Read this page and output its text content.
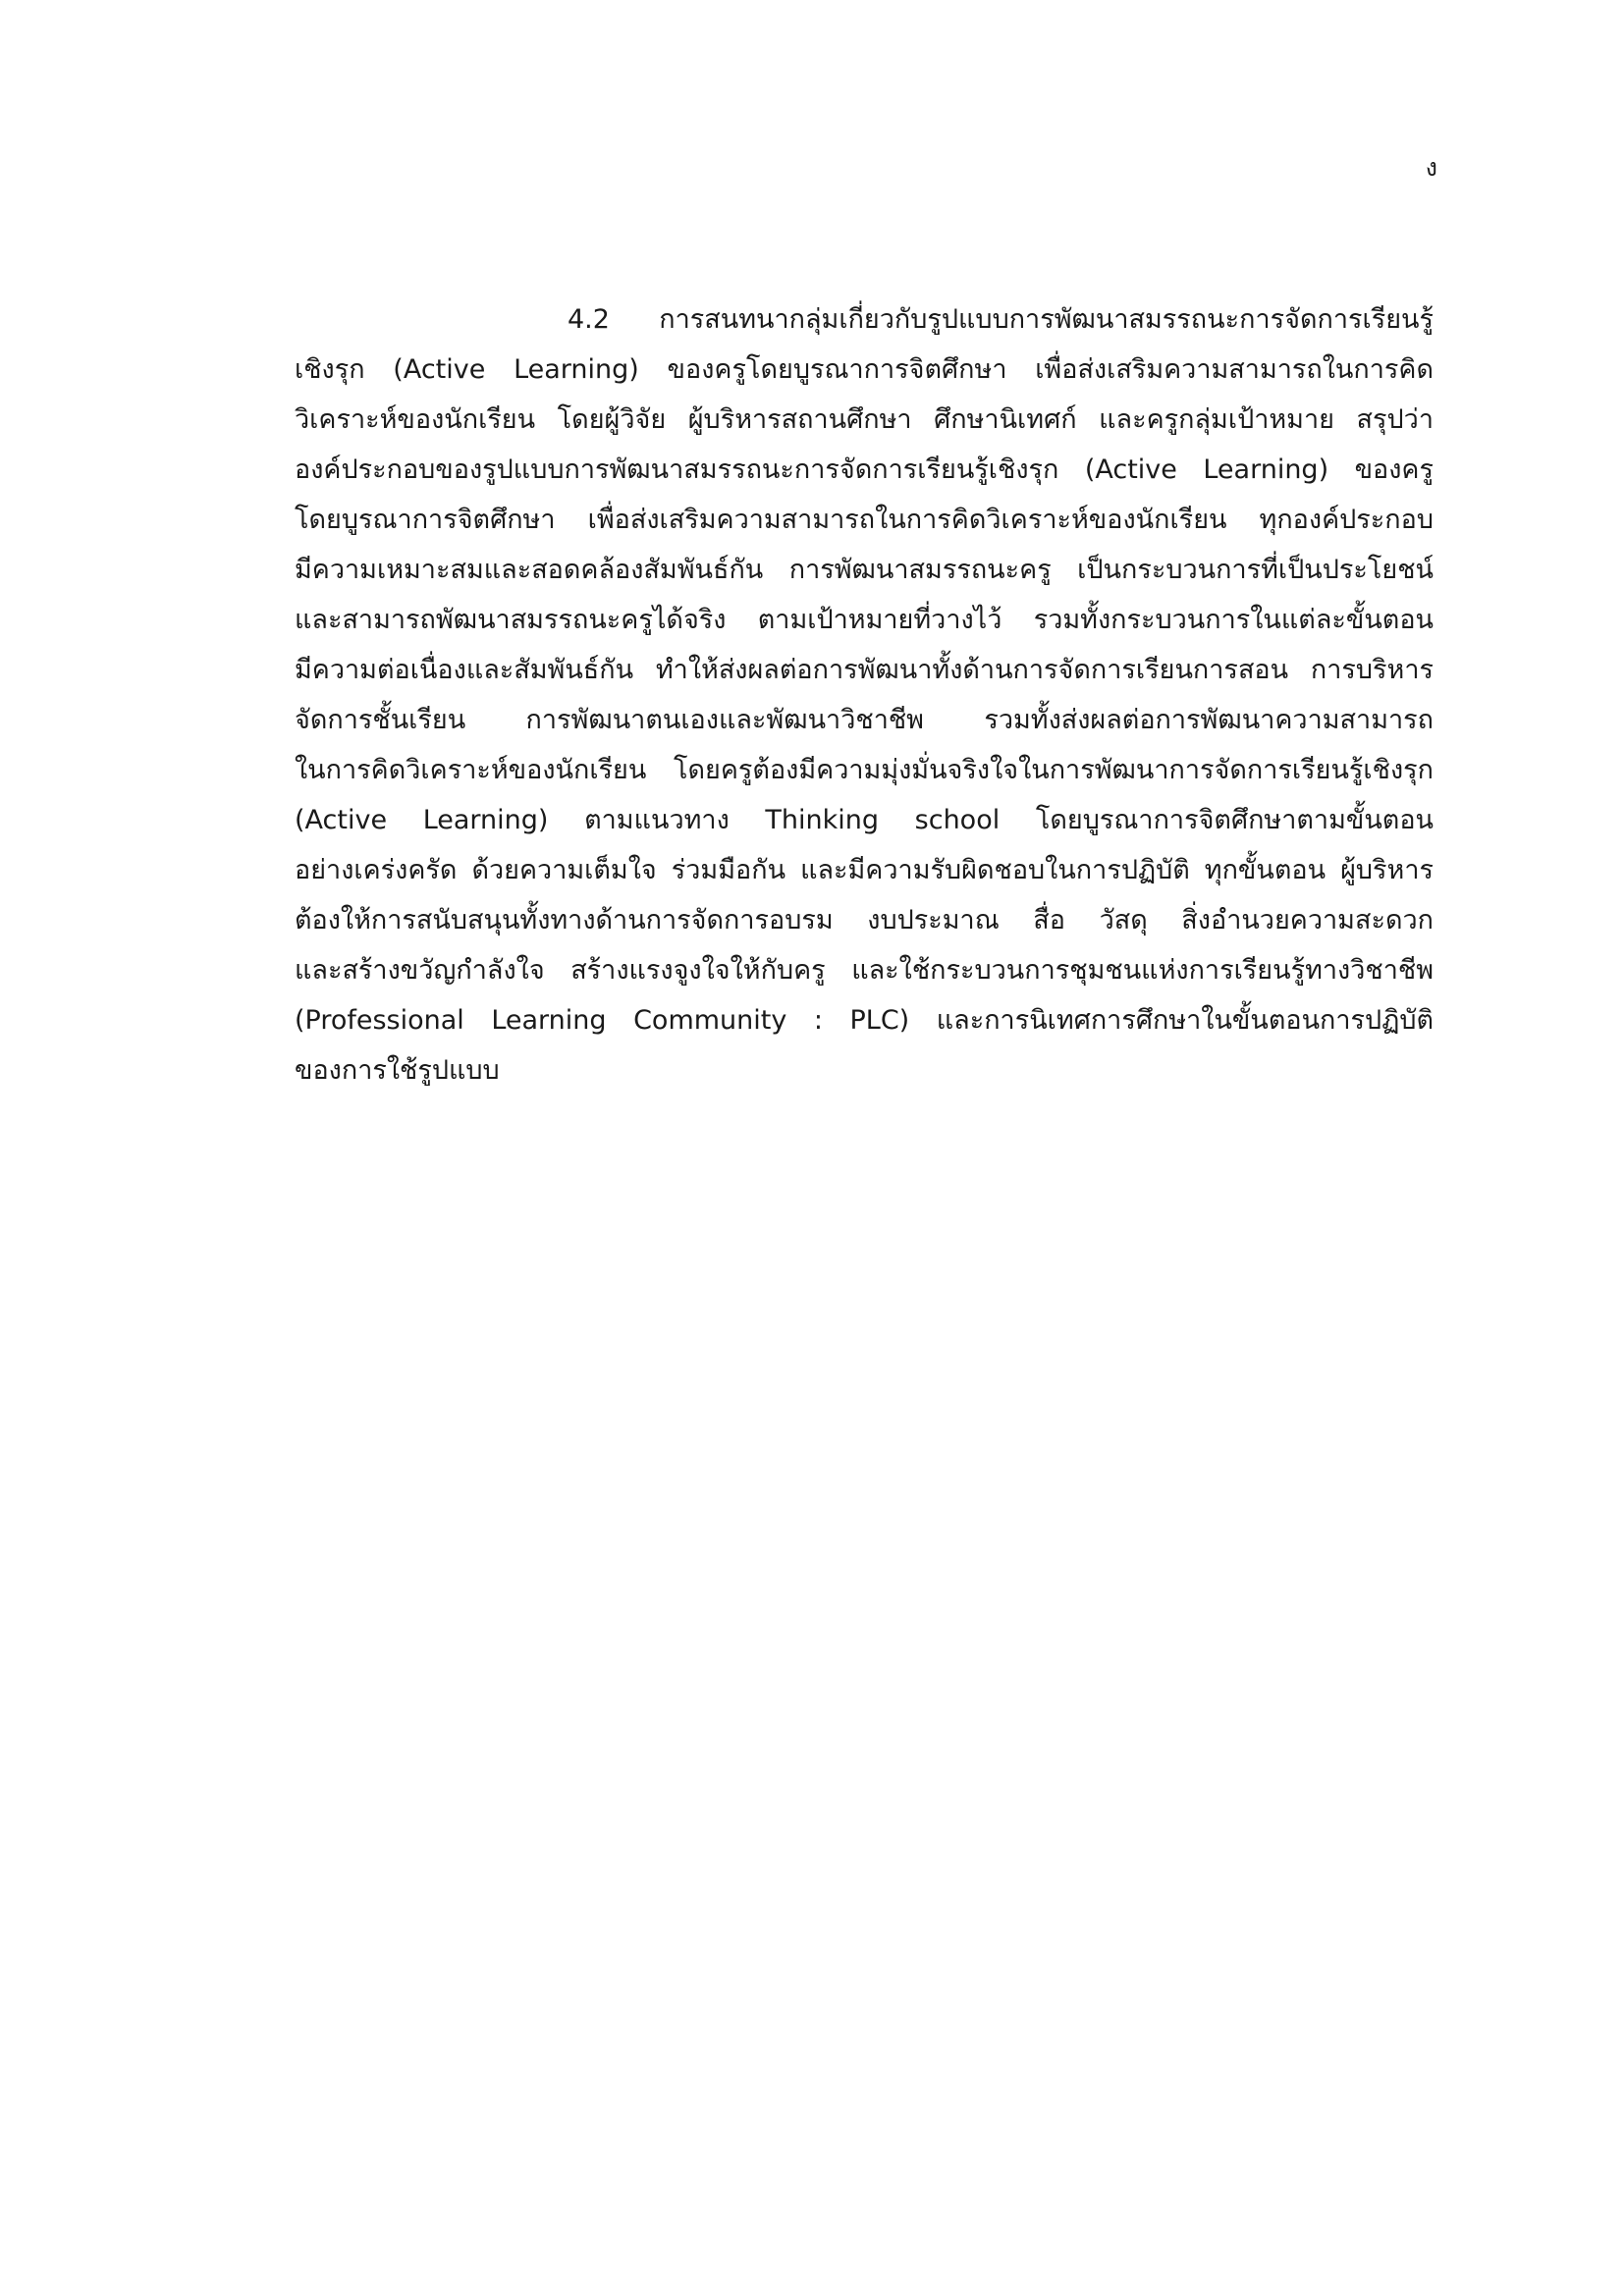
ง
4.2 การสนทนากลุ่มเกี่ยวกับรูปแบบการพัฒนาสมรรถนะการจัดการเรียนรู้
เชิงรุก (Active Learning) ของครูโดยบูรณาการจิตศึกษา เพื่อส่งเสริมความสามารถในการคิด
วิเคราะห์ของนักเรียน โดยผู้วิจัย ผู้บริหารสถานศึกษา ศึกษานิเทศก์ และครูกลุ่มเป้าหมาย สรุปว่า
องค์ประกอบของรูปแบบการพัฒนาสมรรถนะการจัดการเรียนรู้เชิงรุก (Active Learning) ของครู
โดยบูรณาการจิตศึกษา เพื่อส่งเสริมความสามารถในการคิดวิเคราะห์ของนักเรียน ทุกองค์ประกอบ
มีความเหมาะสมและสอดคล้องสัมพันธ์กัน การพัฒนาสมรรถนะครู เป็นกระบวนการที่เป็นประโยชน์
และสามารถพัฒนาสมรรถนะครูได้จริง ตามเป้าหมายที่วางไว้ รวมทั้งกระบวนการในแต่ละขั้นตอน
มีความต่อเนื่องและสัมพันธ์กัน ทำให้ส่งผลต่อการพัฒนาทั้งด้านการจัดการเรียนการสอน การบริหาร
จัดการชั้นเรียน การพัฒนาตนเองและพัฒนาวิชาชีพ รวมทั้งส่งผลต่อการพัฒนาความสามารถ
ในการคิดวิเคราะห์ของนักเรียน โดยครูต้องมีความมุ่งมั่นจริงใจในการพัฒนาการจัดการเรียนรู้เชิงรุก
(Active Learning) ตามแนวทาง Thinking school โดยบูรณาการจิตศึกษาตามขั้นตอน
อย่างเคร่งครัด ด้วยความเต็มใจ ร่วมมือกัน และมีความรับผิดชอบในการปฏิบัติ ทุกขั้นตอน ผู้บริหาร
ต้องให้การสนับสนุนทั้งทางด้านการจัดการอบรม งบประมาณ สื่อ วัสดุ สิ่งอำนวยความสะดวก
และสร้างขวัญกำลังใจ สร้างแรงจูงใจให้กับครู และใช้กระบวนการชุมชนแห่งการเรียนรู้ทางวิชาชีพ
(Professional Learning Community : PLC) และการนิเทศการศึกษาในขั้นตอนการปฏิบัติ
ของการใช้รูปแบบ
